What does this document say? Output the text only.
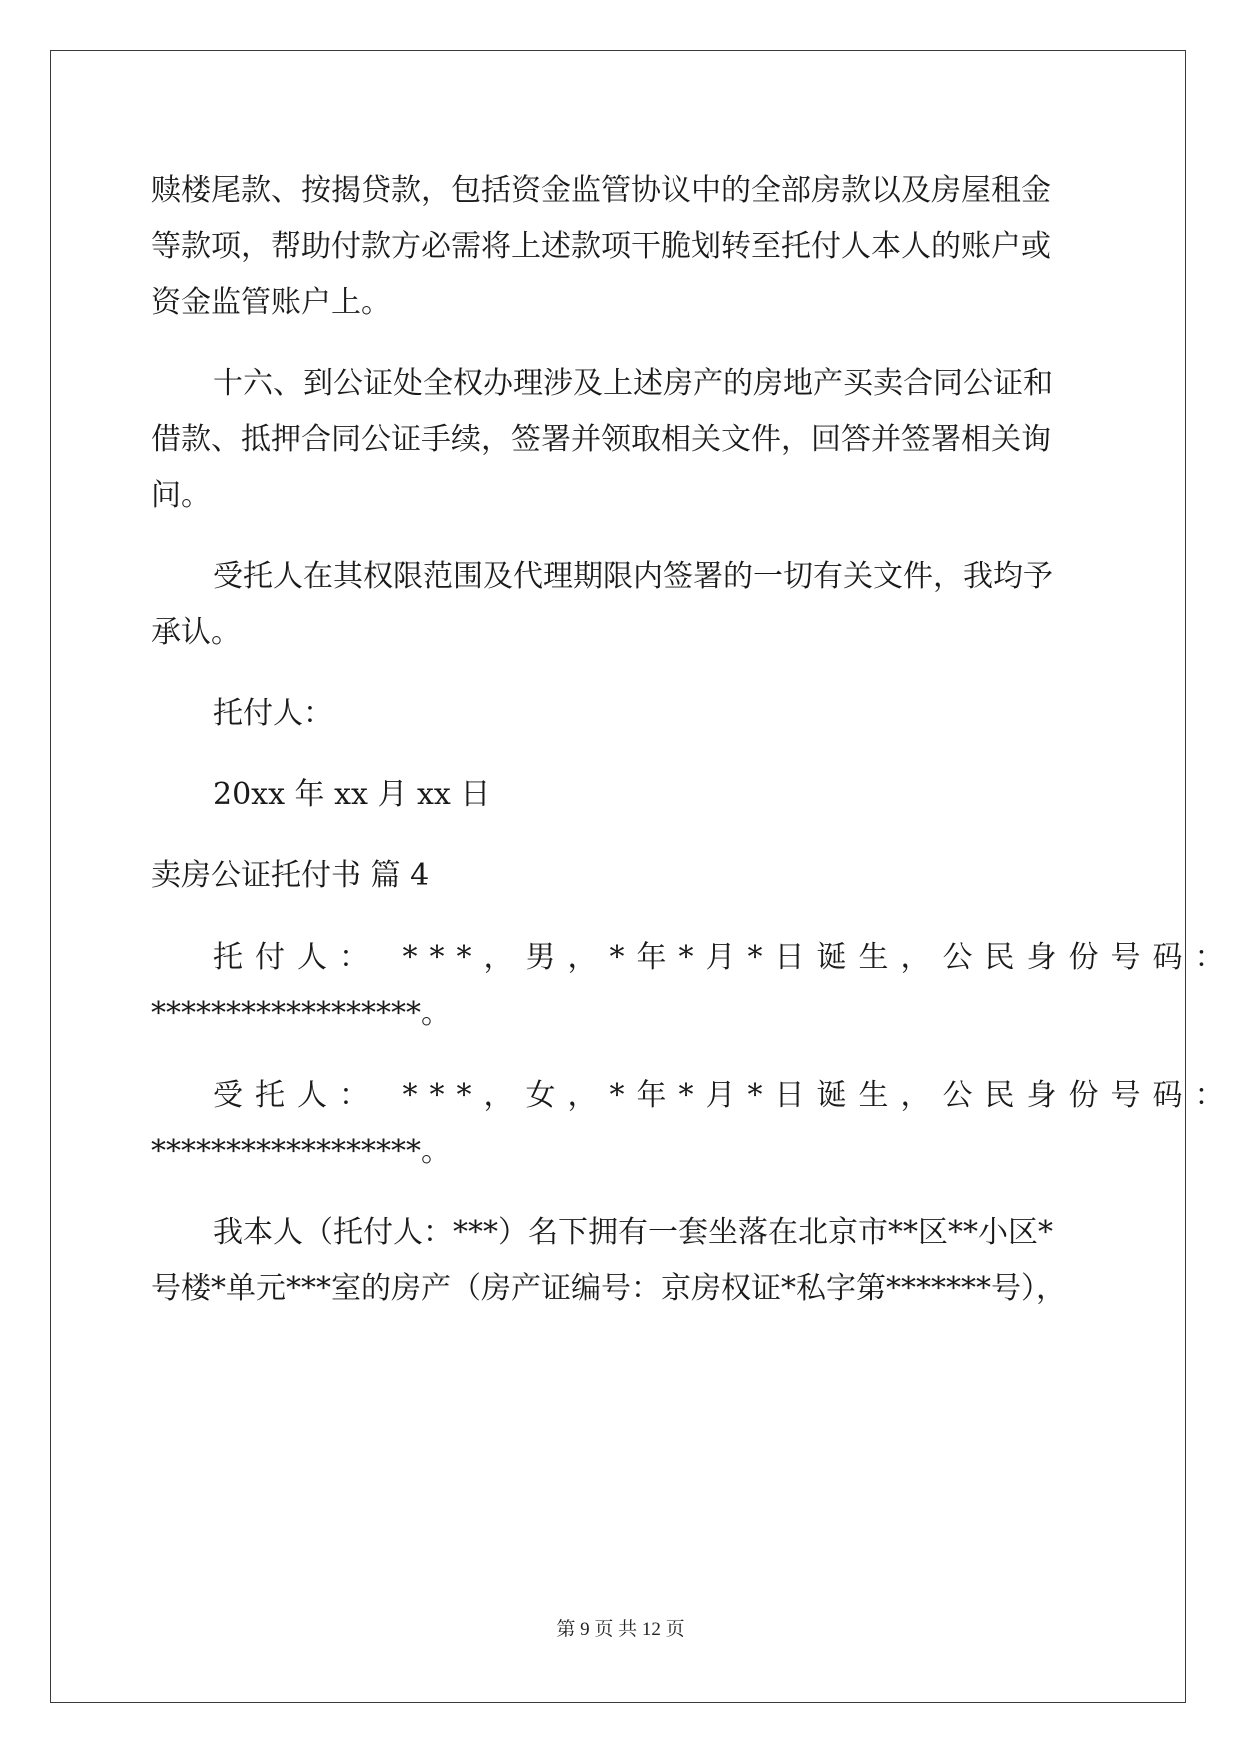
赎楼尾款、按揭贷款，包括资金监管协议中的全部房款以及房屋租金
等款项，帮助付款方必需将上述款项干脆划转至托付人本人的账户或
资金监管账户上。
十六、到公证处全权办理涉及上述房产的房地产买卖合同公证和
借款、抵押合同公证手续，签署并领取相关文件，回答并签署相关询
问。
受托人在其权限范围及代理期限内签署的一切有关文件，我均予
承认。
托付人：
20xx 年 xx 月 xx 日
卖房公证托付书 篇 4
托付人： ***，男，*年*月*日诞生，公民身份号码：
******************。
受托人： ***，女，*年*月*日诞生，公民身份号码：
******************。
我本人（托付人：***）名下拥有一套坐落在北京市**区**小区*
号楼*单元***室的房产（房产证编号：京房权证*私字第*******号），
第 9 页 共 12 页
